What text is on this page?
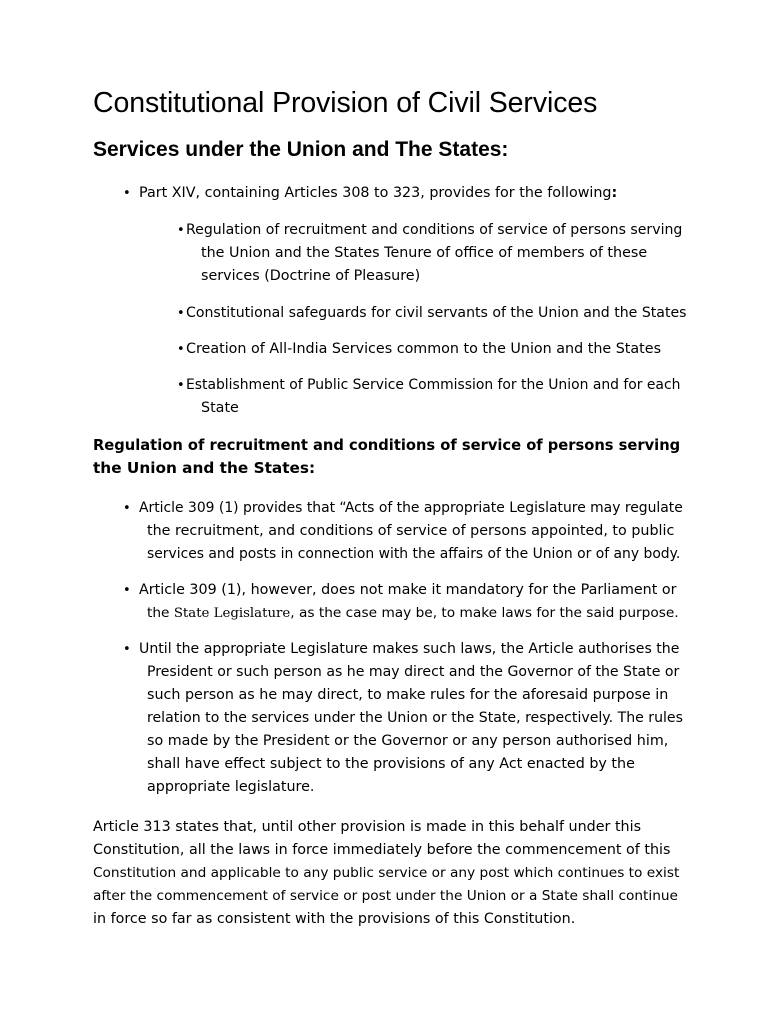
Constitutional Provision of Civil Services
Services under the Union and The States:
• Part XIV, containing Articles 308 to 323, provides for the following:
• Regulation of recruitment and conditions of service of persons serving
the Union and the States Tenure of office of members of these
services (Doctrine of Pleasure)
• Constitutional safeguards for civil servants of the Union and the States
• Creation of All-India Services common to the Union and the States
• Establishment of Public Service Commission for the Union and for each
State
Regulation of recruitment and conditions of service of persons serving
the Union and the States:
• Article 309 (1) provides that “Acts of the appropriate Legislature may regulate
the recruitment, and conditions of service of persons appointed, to public
services and posts in connection with the affairs of the Union or of any body.
• Article 309 (1), however, does not make it mandatory for the Parliament or
the State Legislature, as the case may be, to make laws for the said purpose.
• Until the appropriate Legislature makes such laws, the Article authorises the
President or such person as he may direct and the Governor of the State or
such person as he may direct, to make rules for the aforesaid purpose in
relation to the services under the Union or the State, respectively. The rules
so made by the President or the Governor or any person authorised him,
shall have effect subject to the provisions of any Act enacted by the
appropriate legislature.
Article 313 states that, until other provision is made in this behalf under this
Constitution, all the laws in force immediately before the commencement of this
Constitution and applicable to any public service or any post which continues to exist
after the commencement of service or post under the Union or a State shall continue
in force so far as consistent with the provisions of this Constitution.
